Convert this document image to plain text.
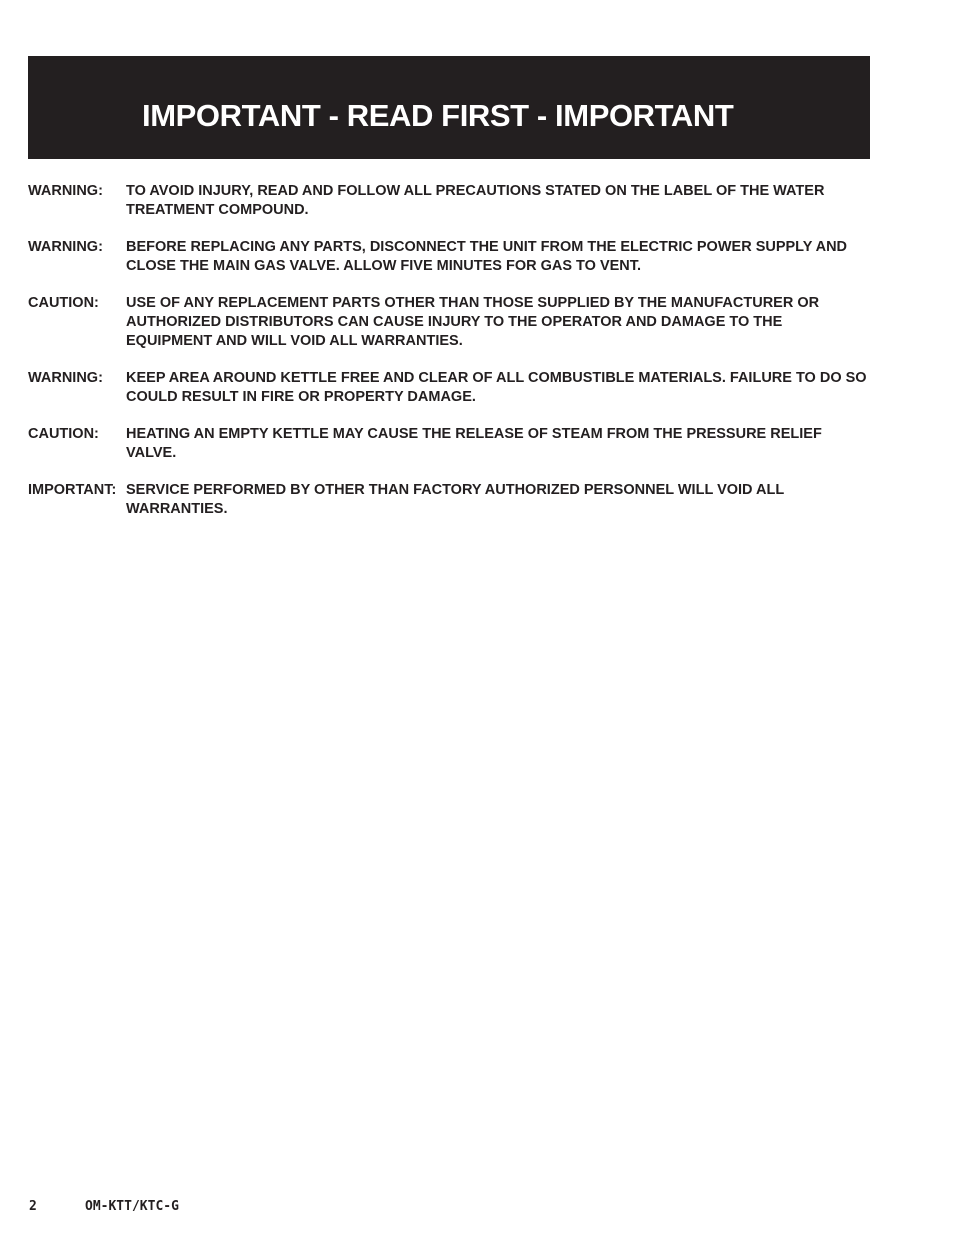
IMPORTANT - READ FIRST - IMPORTANT
WARNING:	TO AVOID INJURY, READ AND FOLLOW ALL PRECAUTIONS STATED ON THE LABEL OF THE WATER TREATMENT COMPOUND.
WARNING:	BEFORE REPLACING ANY PARTS, DISCONNECT THE UNIT FROM THE ELECTRIC POWER SUPPLY AND CLOSE THE MAIN GAS VALVE. ALLOW FIVE MINUTES FOR GAS TO VENT.
CAUTION:	USE OF ANY REPLACEMENT PARTS OTHER THAN THOSE SUPPLIED BY THE MANUFACTURER OR AUTHORIZED DISTRIBUTORS CAN CAUSE INJURY TO THE OPERATOR AND DAMAGE TO THE EQUIPMENT AND WILL VOID ALL WARRANTIES.
WARNING:	KEEP AREA AROUND KETTLE FREE AND CLEAR OF ALL COMBUSTIBLE MATERIALS. FAILURE TO DO SO COULD RESULT IN FIRE OR PROPERTY DAMAGE.
CAUTION:	HEATING AN EMPTY KETTLE MAY CAUSE THE RELEASE OF STEAM FROM THE PRESSURE RELIEF VALVE.
IMPORTANT: SERVICE PERFORMED BY OTHER THAN FACTORY AUTHORIZED PERSONNEL WILL VOID ALL WARRANTIES.
2	OM-KTT/KTC-G
